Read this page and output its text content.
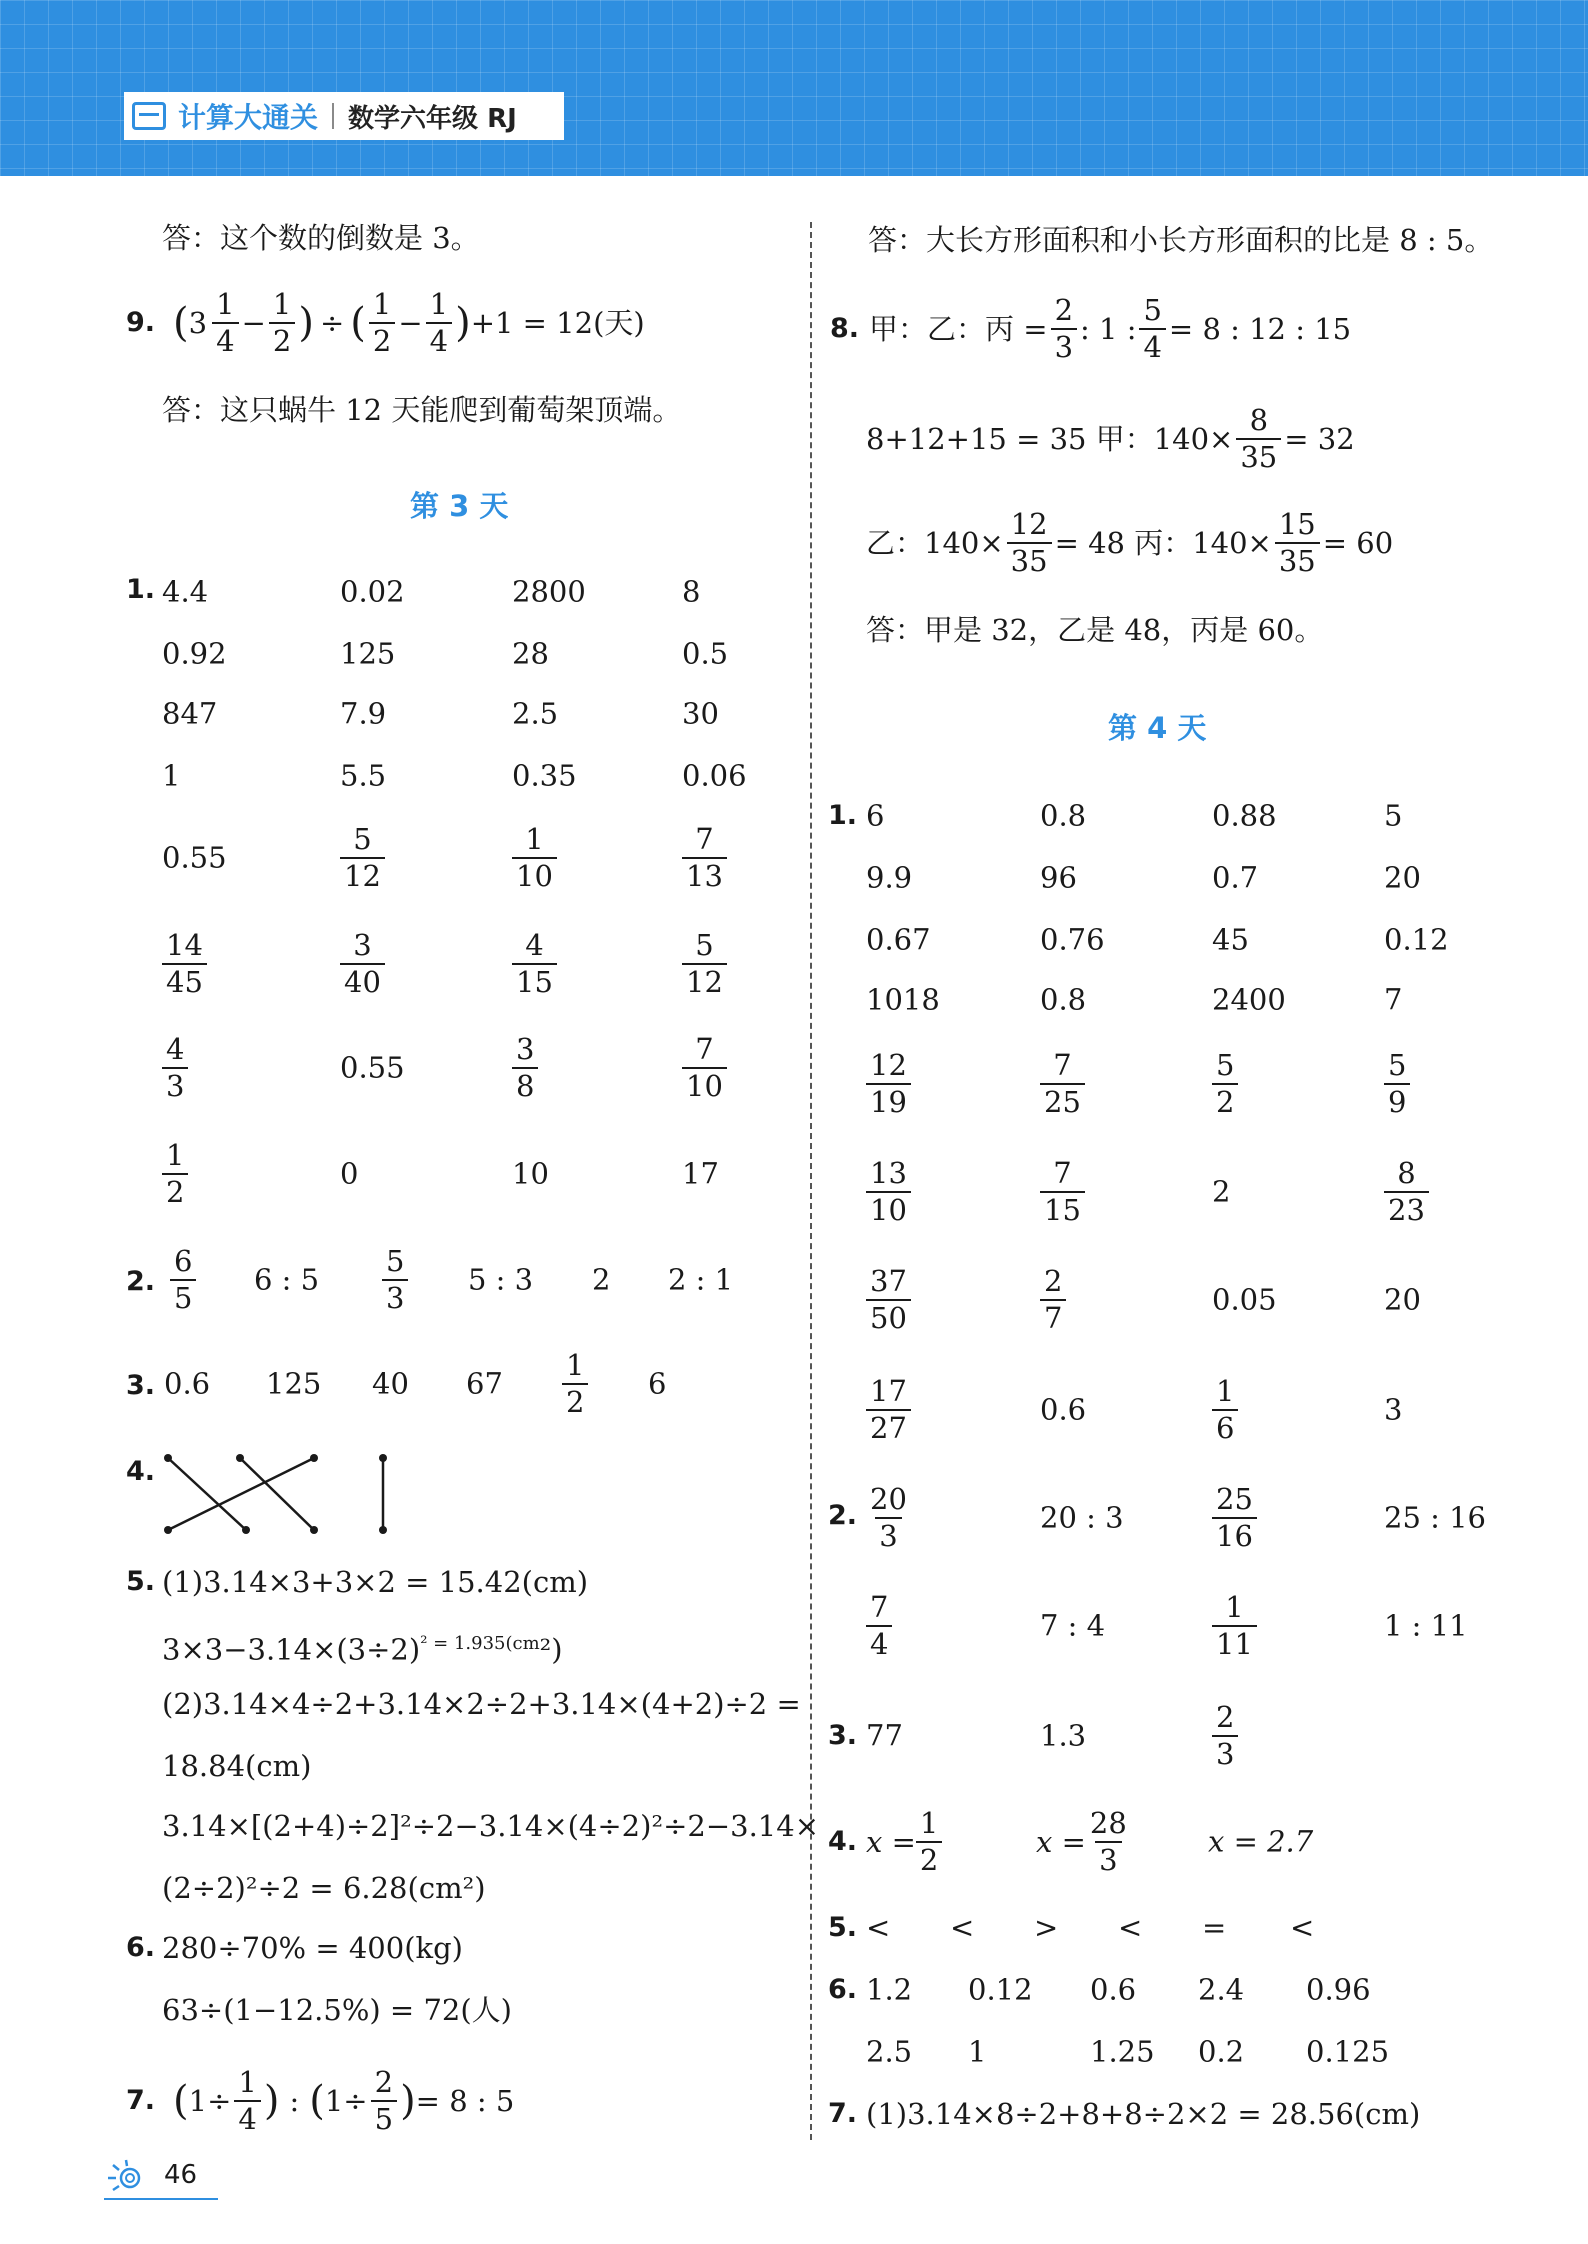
计算大通关 数学六年级 RJ
答：这个数的倒数是 3。
9. ( $3 \frac{1}{4} - \frac{1}{2}$ ) ÷ ( $\frac{1}{2} - \frac{1}{4}$ ) +1 = 12(天)
答：这只蜗牛 12 天能爬到葡萄架顶端。
第 3 天
1. 4.4	0.02	2800	8
0.92	125	28	0.5
847	7.9	2.5	30
1	5.5	0.35	0.06
0.55	$\frac{5}{12}$	$\frac{1}{10}$	$\frac{7}{13}$
$\frac{14}{45}$	$\frac{3}{40}$	$\frac{4}{15}$	$\frac{5}{12}$
$\frac{4}{3}$	0.55	$\frac{3}{8}$	$\frac{7}{10}$
$\frac{1}{2}$	0	10	17
2. $\frac{6}{5} 6$ : $5 \frac{5}{3} 5$ : 3 2 2 : 1
3. 0.6 125 40 $67 \frac{1}{2} 6$
4.
5. (1)3.14×3+3×2 = 15.42(cm)
$3\times 3-3.14\times(3\div 2)^{^2 = 1.935(cm}^2$)
(2)3.14×4÷2+3.14×2÷2+3.14×(4+2)÷2 =
18.84(cm)
3.14×[(2+4)÷2]²÷2−3.14×(4÷2)²÷2−3.14×
(2÷2)²÷2 = 6.28(cm²)
6. 280÷70% = 400(kg)
63÷(1−12.5%) = 72(人)
7. ( $1\div \frac{1}{4}$ ) : ( $1\div \frac{2}{5}$ ) = 8 : 5
答：大长方形面积和小长方形面积的比是 8 : 5。
8. 甲：乙：丙 = $\frac{2}{3}$ : 1 : $\frac{5}{4} = 8$ : 12 : 15
8+12+15 = 35 甲：$140\times \frac{8}{35} = 32$
乙：$140\times \frac{12}{35} = 48$ 丙：$140\times \frac{15}{35} = 60$
答：甲是 32，乙是 48，丙是 60。
第 4 天
1. 6	0.8	0.88	5
9.9	96	0.7	20
0.67	0.76	45	0.12
1018	0.8	2400	7
$\frac{12}{19}$	$\frac{7}{25}$	$\frac{5}{2}$	$\frac{5}{9}$
$\frac{13}{10}$	$\frac{7}{15}$	2	$\frac{8}{23}$
$\frac{37}{50}$	$\frac{2}{7}$	0.05	20
$\frac{17}{27}$	0.6	$\frac{1}{6}$	3
2. $\frac{20}{3}$	20 : 3	$\frac{25}{16}$	25 : 16
$\frac{7}{4}$	7 : 4	$\frac{1}{11}$	1 : 11
3. 77	1.3	$\frac{2}{3}$
4. $x = \frac{1}{2}$	$x = \frac{28}{3}$	x = 2.7
5. < < > < = <
6. 1.2 0.12 0.6 2.4 0.96
2.5 1	1.25 0.2 0.125
7. (1)3.14×8÷2+8+8÷2×2 = 28.56(cm)
46
